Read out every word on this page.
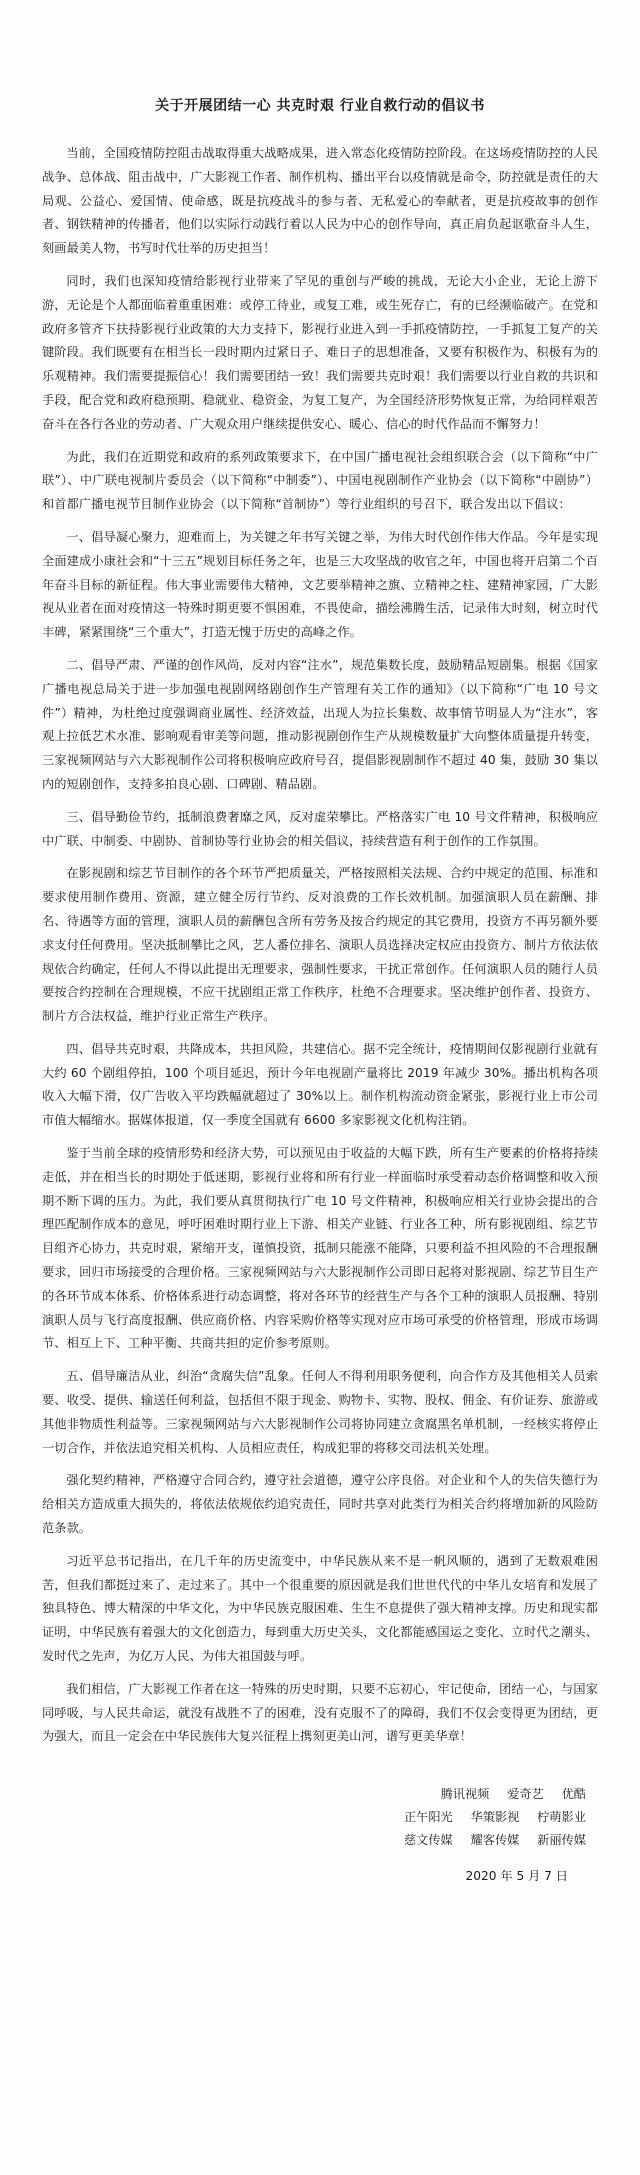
关于开展团结一心 共克时艰 行业自救行动的倡议书

当前，全国疫情防控阻击战取得重大战略成果，进入常态化疫情防控阶段。在这场疫情防控的人民战争、总体战、阻击战中，广大影视工作者、制作机构、播出平台以疫情就是命令，防控就是责任的大局观、公益心、爱国情、使命感，既是抗疫战斗的参与者、无私爱心的奉献者，更是抗疫故事的创作者、钢铁精神的传播者，他们以实际行动践行着以人民为中心的创作导向，真正肩负起讴歌奋斗人生，刻画最美人物，书写时代壮举的历史担当！

同时，我们也深知疫情给影视行业带来了罕见的重创与严峻的挑战，无论大小企业，无论上游下游，无论是个人都面临着重重困难：或停工待业，或复工难，或生死存亡，有的已经濒临破产。在党和政府多管齐下扶持影视行业政策的大力支持下，影视行业进入到一手抓疫情防控，一手抓复工复产的关键阶段。我们既要有在相当长一段时期内过紧日子、难日子的思想准备，又要有积极作为、积极有为的乐观精神。我们需要提振信心！我们需要团结一致！我们需要共克时艰！我们需要以行业自救的共识和手段，配合党和政府稳预期、稳就业、稳资金，为复工复产，为全国经济形势恢复正常，为给同样艰苦奋斗在各行各业的劳动者、广大观众用户继续提供安心、暖心、信心的时代作品而不懈努力！

为此，我们在近期党和政府的系列政策要求下，在中国广播电视社会组织联合会（以下简称“中广联”）、中广联电视制片委员会（以下简称“中制委”）、中国电视剧制作产业协会（以下简称“中剧协”）和首都广播电视节目制作业协会（以下简称“首制协”）等行业组织的号召下，联合发出以下倡议：

一、倡导凝心聚力，迎难而上，为关键之年书写关键之举，为伟大时代创作伟大作品。今年是实现全面建成小康社会和“十三五”规划目标任务之年，也是三大攻坚战的收官之年，中国也将开启第二个百年奋斗目标的新征程。伟大事业需要伟大精神，文艺要举精神之旗、立精神之柱、建精神家园，广大影视从业者在面对疫情这一特殊时期更要不惧困难，不畏使命，描绘沸腾生活，记录伟大时刻，树立时代丰碑，紧紧围绕“三个重大”，打造无愧于历史的高峰之作。

二、倡导严肃、严谨的创作风尚，反对内容“注水”，规范集数长度，鼓励精品短剧集。根据《国家广播电视总局关于进一步加强电视剧网络剧创作生产管理有关工作的通知》（以下简称“广电 10 号文件”）精神，为杜绝过度强调商业属性、经济效益，出现人为拉长集数、故事情节明显人为“注水”，客观上拉低艺术水准、影响观看审美等问题，推动影视剧创作生产从规模数量扩大向整体质量提升转变，三家视频网站与六大影视制作公司将积极响应政府号召，提倡影视剧制作不超过 40 集，鼓励 30 集以内的短剧创作，支持多拍良心剧、口碑剧、精品剧。

三、倡导勤俭节约，抵制浪费奢靡之风，反对虚荣攀比。严格落实广电 10 号文件精神，积极响应中广联、中制委、中剧协、首制协等行业协会的相关倡议，持续营造有利于创作的工作氛围。

在影视剧和综艺节目制作的各个环节严把质量关，严格按照相关法规、合约中规定的范围、标准和要求使用制作费用、资源，建立健全厉行节约、反对浪费的工作长效机制。加强演职人员在薪酬、排名、待遇等方面的管理，演职人员的薪酬包含所有劳务及按合约规定的其它费用，投资方不再另额外要求支付任何费用。坚决抵制攀比之风，艺人番位排名、演职人员选择决定权应由投资方、制片方依法依规依合约确定，任何人不得以此提出无理要求，强制性要求，干扰正常创作。任何演职人员的随行人员要按合约控制在合理规模，不应干扰剧组正常工作秩序，杜绝不合理要求。坚决维护创作者、投资方、制片方合法权益，维护行业正常生产秩序。

四、倡导共克时艰，共降成本，共担风险，共建信心。据不完全统计，疫情期间仅影视剧行业就有大约 60 个剧组停拍，100 个项目延迟，预计今年电视剧产量将比 2019 年减少 30%。播出机构各项收入大幅下滑，仅广告收入平均跌幅就超过了 30%以上。制作机构流动资金紧张，影视行业上市公司市值大幅缩水。据媒体报道，仅一季度全国就有 6600 多家影视文化机构注销。

鉴于当前全球的疫情形势和经济大势，可以预见由于收益的大幅下跌，所有生产要素的价格将持续走低，并在相当长的时期处于低迷期，影视行业将和所有行业一样面临时承受着动态价格调整和收入预期不断下调的压力。为此，我们要从真贯彻执行广电 10 号文件精神，积极响应相关行业协会提出的合理匹配制作成本的意见，呼吁困难时期行业上下游、相关产业链、行业各工种，所有影视剧组、综艺节目组齐心协力，共克时艰，紧缩开支，谨慎投资，抵制只能涨不能降，只要利益不担风险的不合理报酬要求，回归市场接受的合理价格。三家视频网站与六大影视制作公司即日起将对影视剧、综艺节目生产的各环节成本体系、价格体系进行动态调整，将对各环节的经营生产与各个工种的演职人员报酬、特别演职人员与飞行高度报酬、供应商价格、内容采购价格等实现对应市场可承受的价格管理，形成市场调节、相互上下、工种平衡、共商共担的定价参考原则。

五、倡导廉洁从业，纠治“贪腐失信”乱象。任何人不得利用职务便利，向合作方及其他相关人员索要、收受、提供、输送任何利益，包括但不限于现金、购物卡、实物、股权、佣金、有价证券、旅游或其他非物质性利益等。三家视频网站与六大影视制作公司将协同建立贪腐黑名单机制，一经核实将停止一切合作，并依法追究相关机构、人员相应责任，构成犯罪的将移交司法机关处理。

强化契约精神，严格遵守合同合约，遵守社会道德，遵守公序良俗。对企业和个人的失信失德行为给相关方造成重大损失的，将依法依规依约追究责任，同时共享对此类行为相关合约将增加新的风险防范条款。

习近平总书记指出，在几千年的历史流变中，中华民族从来不是一帆风顺的，遇到了无数艰难困苦，但我们都挺过来了、走过来了。其中一个很重要的原因就是我们世世代代的中华儿女培育和发展了独具特色、博大精深的中华文化，为中华民族克服困难、生生不息提供了强大精神支撑。历史和现实都证明，中华民族有着强大的文化创造力，每到重大历史关头，文化都能感国运之变化、立时代之潮头、发时代之先声，为亿万人民、为伟大祖国鼓与呼。

我们相信，广大影视工作者在这一特殊的历史时期，只要不忘初心，牢记使命，团结一心，与国家同呼吸，与人民共命运，就没有战胜不了的困难，没有克服不了的障碍，我们不仅会变得更为团结，更为强大，而且一定会在中华民族伟大复兴征程上携刻更美山河，谱写更美华章！

腾讯视频 爱奇艺 优酷
正午阳光 华策影视 柠萌影业
慈文传媒 耀客传媒 新丽传媒
2020 年 5 月 7 日
